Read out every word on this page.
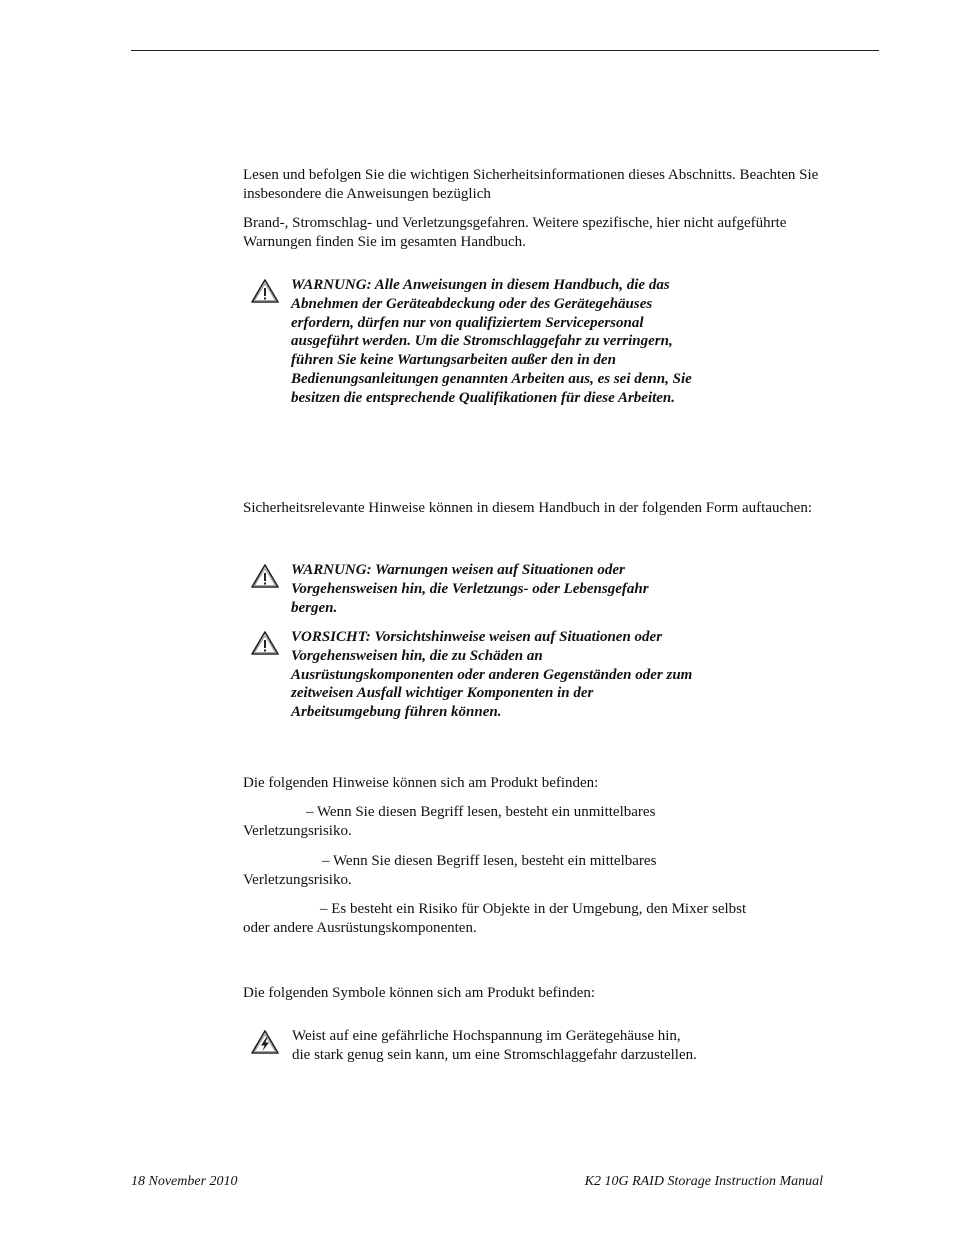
Lesen und befolgen Sie die wichtigen Sicherheitsinformationen dieses Abschnitts. Beachten Sie insbesondere die Anweisungen bezüglich

Brand-, Stromschlag- und Verletzungsgefahren. Weitere spezifische, hier nicht aufgeführte Warnungen finden Sie im gesamten Handbuch.

WARNUNG: Alle Anweisungen in diesem Handbuch, die das
Abnehmen der Geräteabdeckung oder des Gerätegehäuses
erfordern, dürfen nur von qualifiziertem Servicepersonal
ausgeführt werden. Um die Stromschlaggefahr zu verringern,
führen Sie keine Wartungsarbeiten außer den in den
Bedienungsanleitungen genannten Arbeiten aus, es sei denn, Sie
besitzen die entsprechende Qualifikationen für diese Arbeiten.

Sicherheitsrelevante Hinweise können in diesem Handbuch in der folgenden Form auftauchen:

WARNUNG: Warnungen weisen auf Situationen oder
Vorgehensweisen hin, die Verletzungs- oder Lebensgefahr
bergen.

VORSICHT: Vorsichtshinweise weisen auf Situationen oder
Vorgehensweisen hin, die zu Schäden an
Ausrüstungskomponenten oder anderen Gegenständen oder zum
zeitweisen Ausfall wichtiger Komponenten in der
Arbeitsumgebung führen können.

Die folgenden Hinweise können sich am Produkt befinden:

– Wenn Sie diesen Begriff lesen, besteht ein unmittelbares
Verletzungsrisiko.

– Wenn Sie diesen Begriff lesen, besteht ein mittelbares
Verletzungsrisiko.

– Es besteht ein Risiko für Objekte in der Umgebung, den Mixer selbst
oder andere Ausrüstungskomponenten.

Die folgenden Symbole können sich am Produkt befinden:

Weist auf eine gefährliche Hochspannung im Gerätegehäuse hin,
die stark genug sein kann, um eine Stromschlaggefahr darzustellen.

18 November 2010	K2 10G RAID Storage Instruction Manual
